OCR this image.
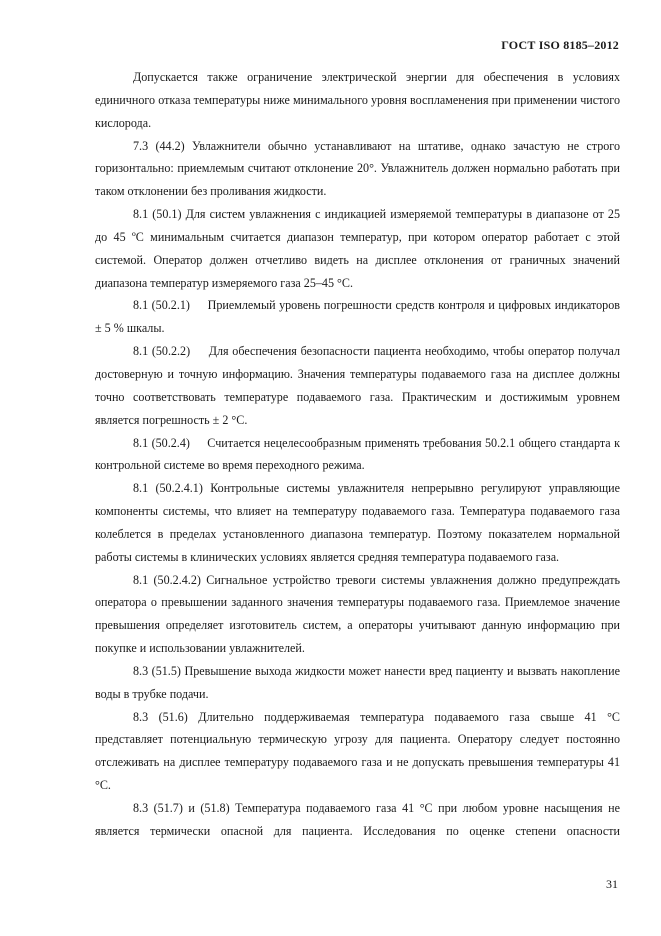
ГОСТ ISO 8185–2012

Допускается также ограничение электрической энергии для обеспечения в условиях единичного отказа температуры ниже минимального уровня воспламенения при применении чистого кислорода.

7.3 (44.2) Увлажнители обычно устанавливают на штативе, однако зачастую не строго горизонтально: приемлемым считают отклонение 20°. Увлажнитель должен нормально работать при таком отклонении без проливания жидкости.

8.1 (50.1) Для систем увлажнения с индикацией измеряемой температуры в диапазоне от 25 до 45 ºС минимальным считается диапазон температур, при котором оператор работает с этой системой. Оператор должен отчетливо видеть на дисплее отклонения от граничных значений диапазона температур измеряемого газа 25–45 °С.

8.1 (50.2.1)     Приемлемый уровень погрешности средств контроля и цифровых индикаторов ± 5 % шкалы.

8.1 (50.2.2)     Для обеспечения безопасности пациента необходимо, чтобы оператор получал достоверную и точную информацию. Значения температуры подаваемого газа на дисплее должны точно соответствовать температуре подаваемого газа. Практическим и достижимым уровнем является погрешность ± 2 °С.

8.1 (50.2.4)     Считается нецелесообразным применять требования 50.2.1 общего стандарта к контрольной системе во время переходного режима.

8.1 (50.2.4.1) Контрольные системы увлажнителя непрерывно регулируют управляющие компоненты системы, что влияет на температуру подаваемого газа. Температура подаваемого газа колеблется в пределах установленного диапазона температур. Поэтому показателем нормальной работы системы в клинических условиях является средняя температура подаваемого газа.

8.1 (50.2.4.2) Сигнальное устройство тревоги системы увлажнения должно предупреждать оператора о превышении заданного значения температуры подаваемого газа. Приемлемое значение превышения определяет изготовитель систем, а операторы учитывают данную информацию при покупке и использовании увлажнителей.

8.3 (51.5) Превышение выхода жидкости может нанести вред пациенту и вызвать накопление воды в трубке подачи.

8.3 (51.6) Длительно поддерживаемая температура подаваемого газа свыше 41 °С представляет потенциальную термическую угрозу для пациента. Оператору следует постоянно отслеживать на дисплее температуру подаваемого газа и не допускать превышения температуры 41 °С.

8.3 (51.7) и (51.8) Температура подаваемого газа 41 °С при любом уровне насыщения не является термически опасной для пациента. Исследования по оценке степени опасности

31
